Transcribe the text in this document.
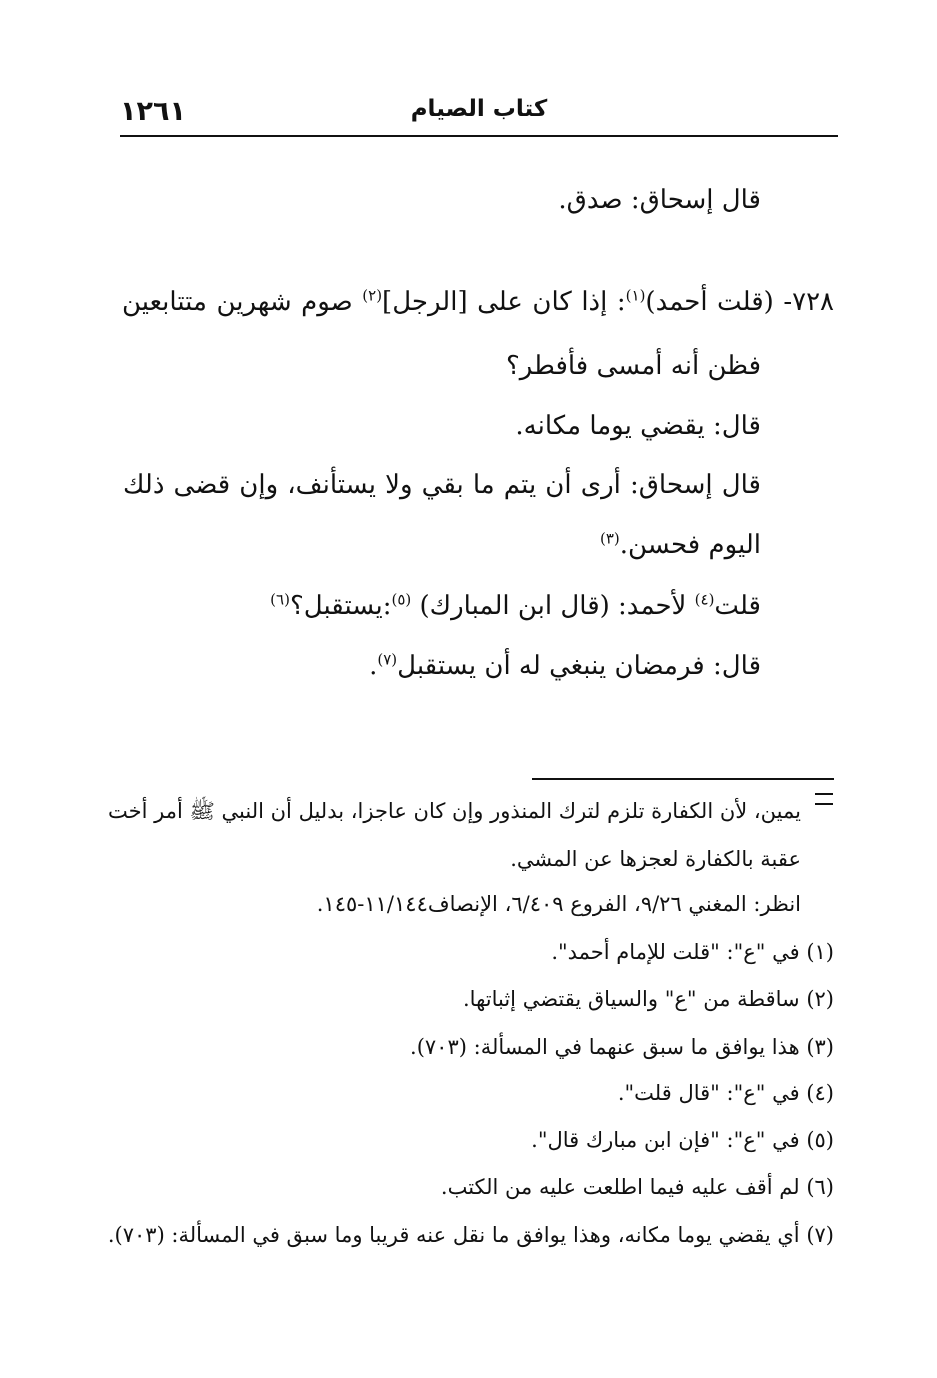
١٢٦١	كتاب الصيام
قال إسحاق: صدق.
٧٢٨- (قلت أحمد)$^{(١)}$: إذا كان على [الرجل]$^{(٢)}$ صوم شهرين متتابعين
فظن أنه أمسى فأفطر؟
قال: يقضي يوما مكانه.
قال إسحاق: أرى أن يتم ما بقي ولا يستأنف، وإن قضى ذلك
اليوم فحسن.$^{(٣)}$
قلت$^{(٤)}$ لأحمد: (قال ابن المبارك) $^{(٥)}$:يستقبل؟$^{(٦)}$
قال: فرمضان ينبغي له أن يستقبل$^{(٧)}$.
يمين، لأن الكفارة تلزم لترك المنذور وإن كان عاجزا، بدليل أن النبي ﷺ أمر أخت
عقبة بالكفارة لعجزها عن المشي.
انظر: المغني ٩/٢٦، الفروع ٦/٤٠٩، الإنصاف١١/١٤٤-١٤٥.
(١) في "ع": "قلت للإمام أحمد".
(٢) ساقطة من "ع" والسياق يقتضي إثباتها.
(٣) هذا يوافق ما سبق عنهما في المسألة: (٧٠٣).
(٤) في "ع": "قال قلت".
(٥) في "ع": "فإن ابن مبارك قال".
(٦) لم أقف عليه فيما اطلعت عليه من الكتب.
(٧) أي يقضي يوما مكانه، وهذا يوافق ما نقل عنه قريبا وما سبق في المسألة: (٧٠٣).
